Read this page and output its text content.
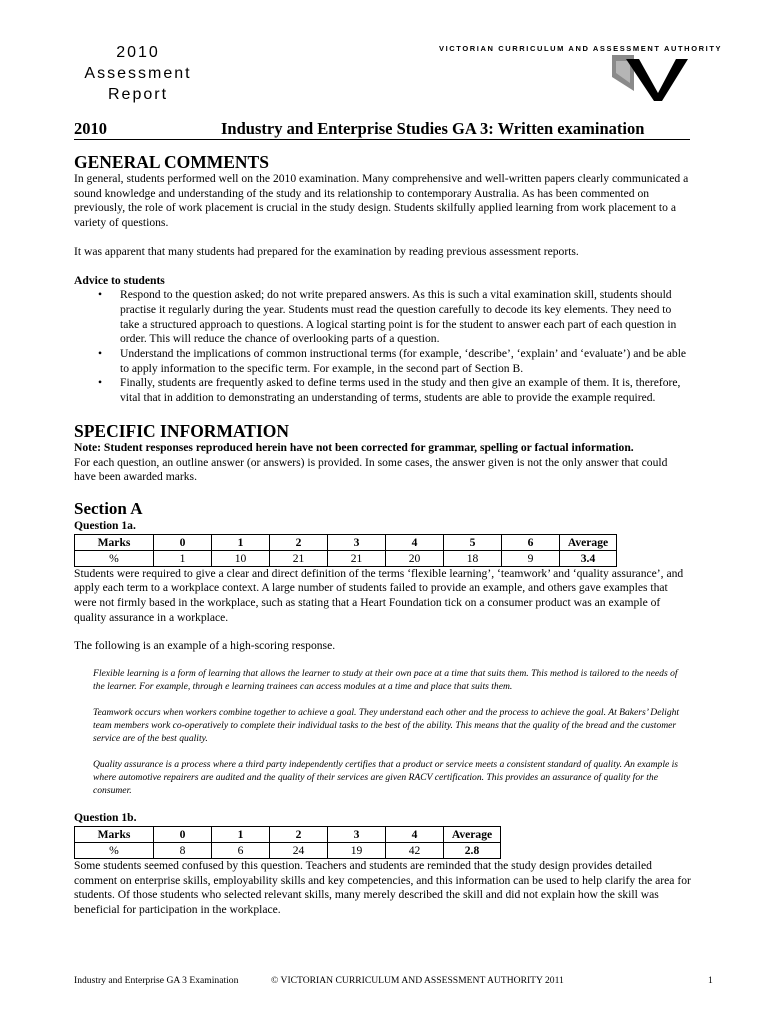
2010
Assessment
Report
VICTORIAN CURRICULUM AND ASSESSMENT AUTHORITY
2010	Industry and Enterprise Studies GA 3: Written examination
GENERAL COMMENTS

In general, students performed well on the 2010 examination. Many comprehensive and well-written papers clearly communicated a sound knowledge and understanding of the study and its relationship to contemporary Australia. As has been commented on previously, the role of work placement is crucial in the study design. Students skilfully applied learning from work placement to a variety of questions.

It was apparent that many students had prepared for the examination by reading previous assessment reports.

Advice to students

• Respond to the question asked; do not write prepared answers. As this is such a vital examination skill, students should practise it regularly during the year. Students must read the question carefully to decode its key elements. They need to take a structured approach to questions. A logical starting point is for the student to answer each part of each question in order. This will reduce the chance of overlooking parts of a question.
• Understand the implications of common instructional terms (for example, ‘describe’, ‘explain’ and ‘evaluate’) and be able to apply information to the specific term. For example, in the second part of Section B.
• Finally, students are frequently asked to define terms used in the study and then give an example of them. It is, therefore, vital that in addition to demonstrating an understanding of terms, students are able to provide the example required.
SPECIFIC INFORMATION

Note: Student responses reproduced herein have not been corrected for grammar, spelling or factual information.

For each question, an outline answer (or answers) is provided. In some cases, the answer given is not the only answer that could have been awarded marks.

Section A

Question 1a.

Marks	0	1	2	3	4	5	6	Average
%	1	10	21	21	20	18	9	3.4

Students were required to give a clear and direct definition of the terms ‘flexible learning’, ‘teamwork’ and ‘quality assurance’, and apply each term to a workplace context. A large number of students failed to provide an example, and others gave examples that were not firmly based in the workplace, such as stating that a Heart Foundation tick on a consumer product was an example of quality assurance in a workplace.

The following is an example of a high-scoring response.

Flexible learning is a form of learning that allows the learner to study at their own pace at a time that suits them. This method is tailored to the needs of the learner. For example, through e learning trainees can access modules at a time and place that suits them.

Teamwork occurs when workers combine together to achieve a goal. They understand each other and the process to achieve the goal. At Bakers’ Delight team members work co-operatively to complete their individual tasks to the best of the ability. This means that the quality of the bread and the customer service are of the best quality.

Quality assurance is a process where a third party independently certifies that a product or service meets a consistent standard of quality. An example is where automotive repairers are audited and the quality of their services are given RACV certification. This provides an assurance of quality for the consumer.

Question 1b.

Marks	0	1	2	3	4	Average
%	8	6	24	19	42	2.8

Some students seemed confused by this question. Teachers and students are reminded that the study design provides detailed comment on enterprise skills, employability skills and key competencies, and this information can be used to help clarify the area for students. Of those students who selected relevant skills, many merely described the skill and did not explain how the skill was beneficial for participation in the workplace.

Industry and Enterprise GA 3 Examination	© VICTORIAN CURRICULUM AND ASSESSMENT AUTHORITY 2011	1
